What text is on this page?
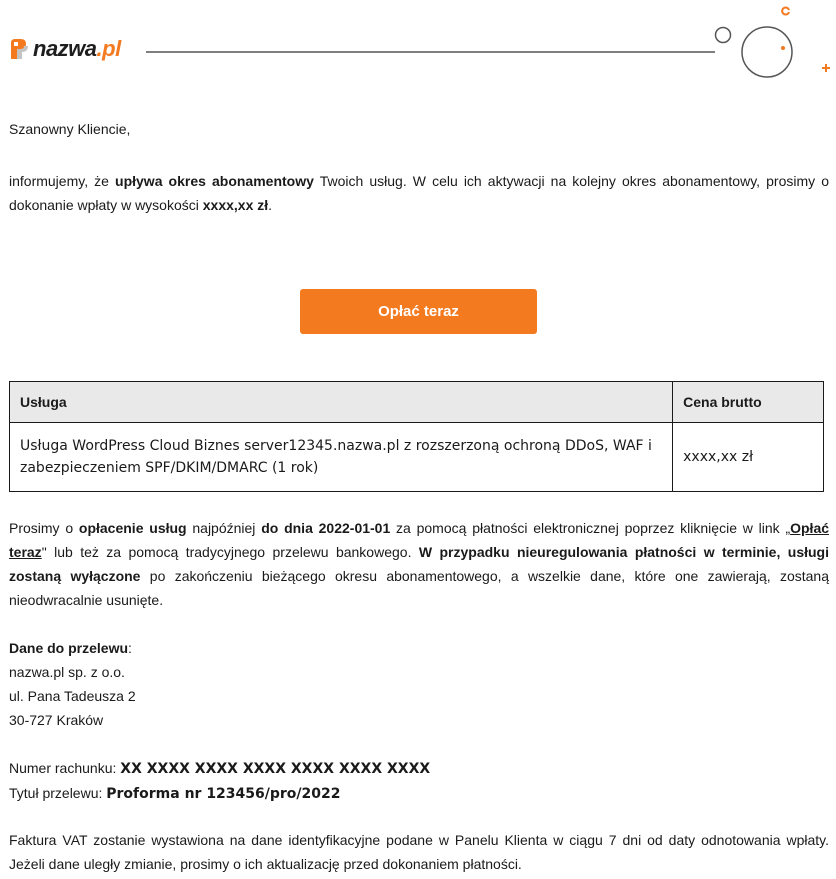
nazwa.pl
Szanowny Kliencie,
informujemy, że upływa okres abonamentowy Twoich usług. W celu ich aktywacji na kolejny okres abonamentowy, prosimy o dokonanie wpłaty w wysokości xxxx,xx zł.
Opłać teraz
Usługa	Cena brutto
Usługa WordPress Cloud Biznes server12345.nazwa.pl z rozszerzoną ochroną DDoS, WAF i zabezpieczeniem SPF/DKIM/DMARC (1 rok)	xxxx,xx zł
Prosimy o opłacenie usług najpóźniej do dnia 2022-01-01 za pomocą płatności elektronicznej poprzez kliknięcie w link „Opłać teraz" lub też za pomocą tradycyjnego przelewu bankowego. W przypadku nieuregulowania płatności w terminie, usługi zostaną wyłączone po zakończeniu bieżącego okresu abonamentowego, a wszelkie dane, które one zawierają, zostaną nieodwracalnie usunięte.
Dane do przelewu:
nazwa.pl sp. z o.o.
ul. Pana Tadeusza 2
30-727 Kraków
Numer rachunku: XX XXXX XXXX XXXX XXXX XXXX XXXX
Tytuł przelewu: Proforma nr 123456/pro/2022
Faktura VAT zostanie wystawiona na dane identyfikacyjne podane w Panelu Klienta w ciągu 7 dni od daty odnotowania wpłaty. Jeżeli dane uległy zmianie, prosimy o ich aktualizację przed dokonaniem płatności.
